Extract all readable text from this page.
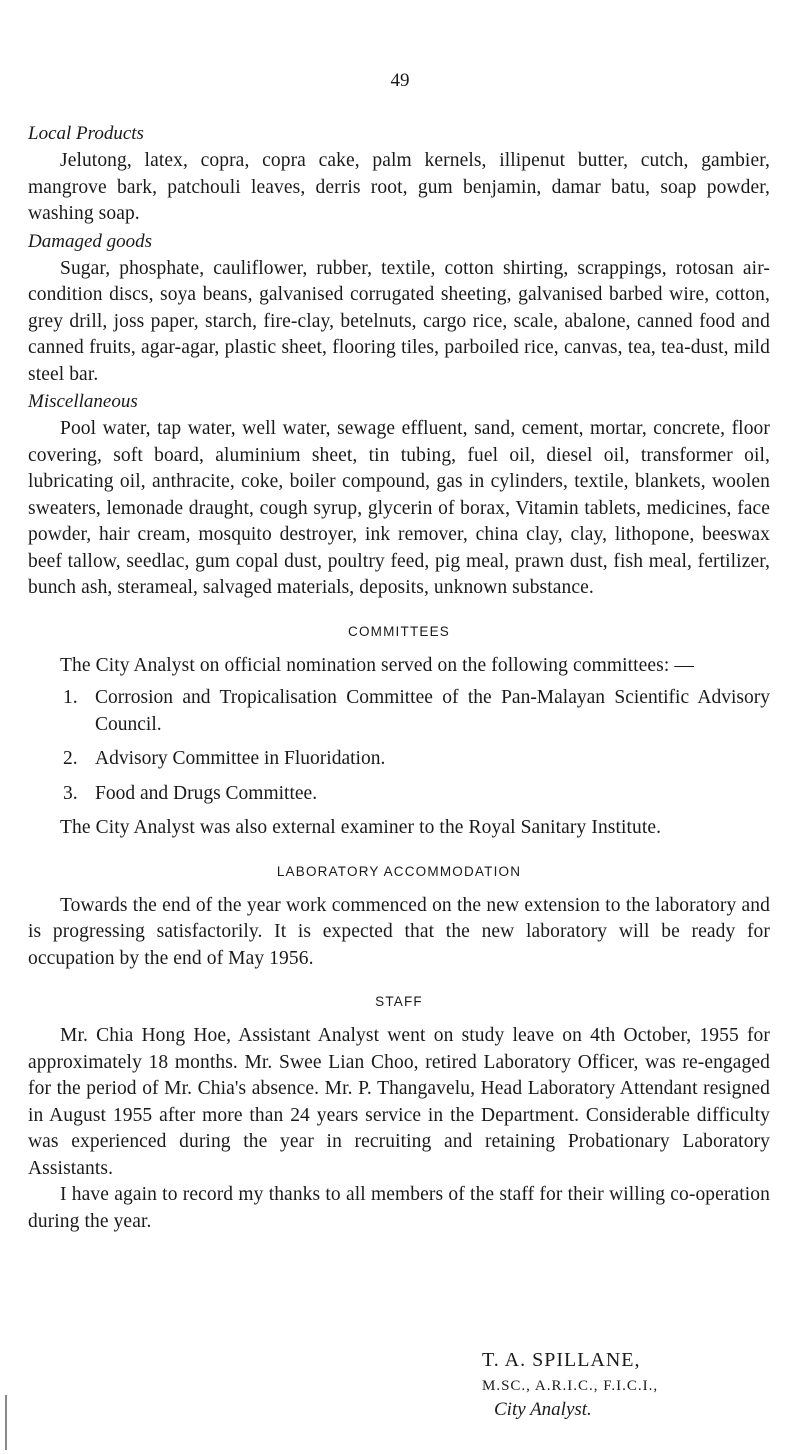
49

Local Products

Jelutong, latex, copra, copra cake, palm kernels, illipenut butter, cutch, gambier, mangrove bark, patchouli leaves, derris root, gum benjamin, damar batu, soap powder, washing soap.

Damaged goods

Sugar, phosphate, cauliflower, rubber, textile, cotton shirting, scrappings, rotosan air-condition discs, soya beans, galvanised corrugated sheeting, galvanised barbed wire, cotton, grey drill, joss paper, starch, fire-clay, betelnuts, cargo rice, scale, abalone, canned food and canned fruits, agar-agar, plastic sheet, flooring tiles, parboiled rice, canvas, tea, tea-dust, mild steel bar.

Miscellaneous

Pool water, tap water, well water, sewage effluent, sand, cement, mortar, concrete, floor covering, soft board, aluminium sheet, tin tubing, fuel oil, diesel oil, transformer oil, lubricating oil, anthracite, coke, boiler compound, gas in cylinders, textile, blankets, woolen sweaters, lemonade draught, cough syrup, glycerin of borax, Vitamin tablets, medicines, face powder, hair cream, mosquito destroyer, ink remover, china clay, clay, lithopone, beeswax beef tallow, seedlac, gum copal dust, poultry feed, pig meal, prawn dust, fish meal, fertilizer, bunch ash, sterameal, salvaged materials, deposits, unknown substance.

COMMITTEES

The City Analyst on official nomination served on the following committees: —

1. Corrosion and Tropicalisation Committee of the Pan-Malayan Scientific Advisory Council.
2. Advisory Committee in Fluoridation.
3. Food and Drugs Committee.

The City Analyst was also external examiner to the Royal Sanitary Institute.

LABORATORY ACCOMMODATION

Towards the end of the year work commenced on the new extension to the laboratory and is progressing satisfactorily. It is expected that the new laboratory will be ready for occupation by the end of May 1956.

STAFF

Mr. Chia Hong Hoe, Assistant Analyst went on study leave on 4th October, 1955 for approximately 18 months. Mr. Swee Lian Choo, retired Laboratory Officer, was re-engaged for the period of Mr. Chia's absence. Mr. P. Thangavelu, Head Laboratory Attendant resigned in August 1955 after more than 24 years service in the Department. Considerable difficulty was experienced during the year in recruiting and retaining Probationary Laboratory Assistants.

I have again to record my thanks to all members of the staff for their willing co-operation during the year.

T. A. SPILLANE,
M.SC., A.R.I.C., F.I.C.I.,
City Analyst.
